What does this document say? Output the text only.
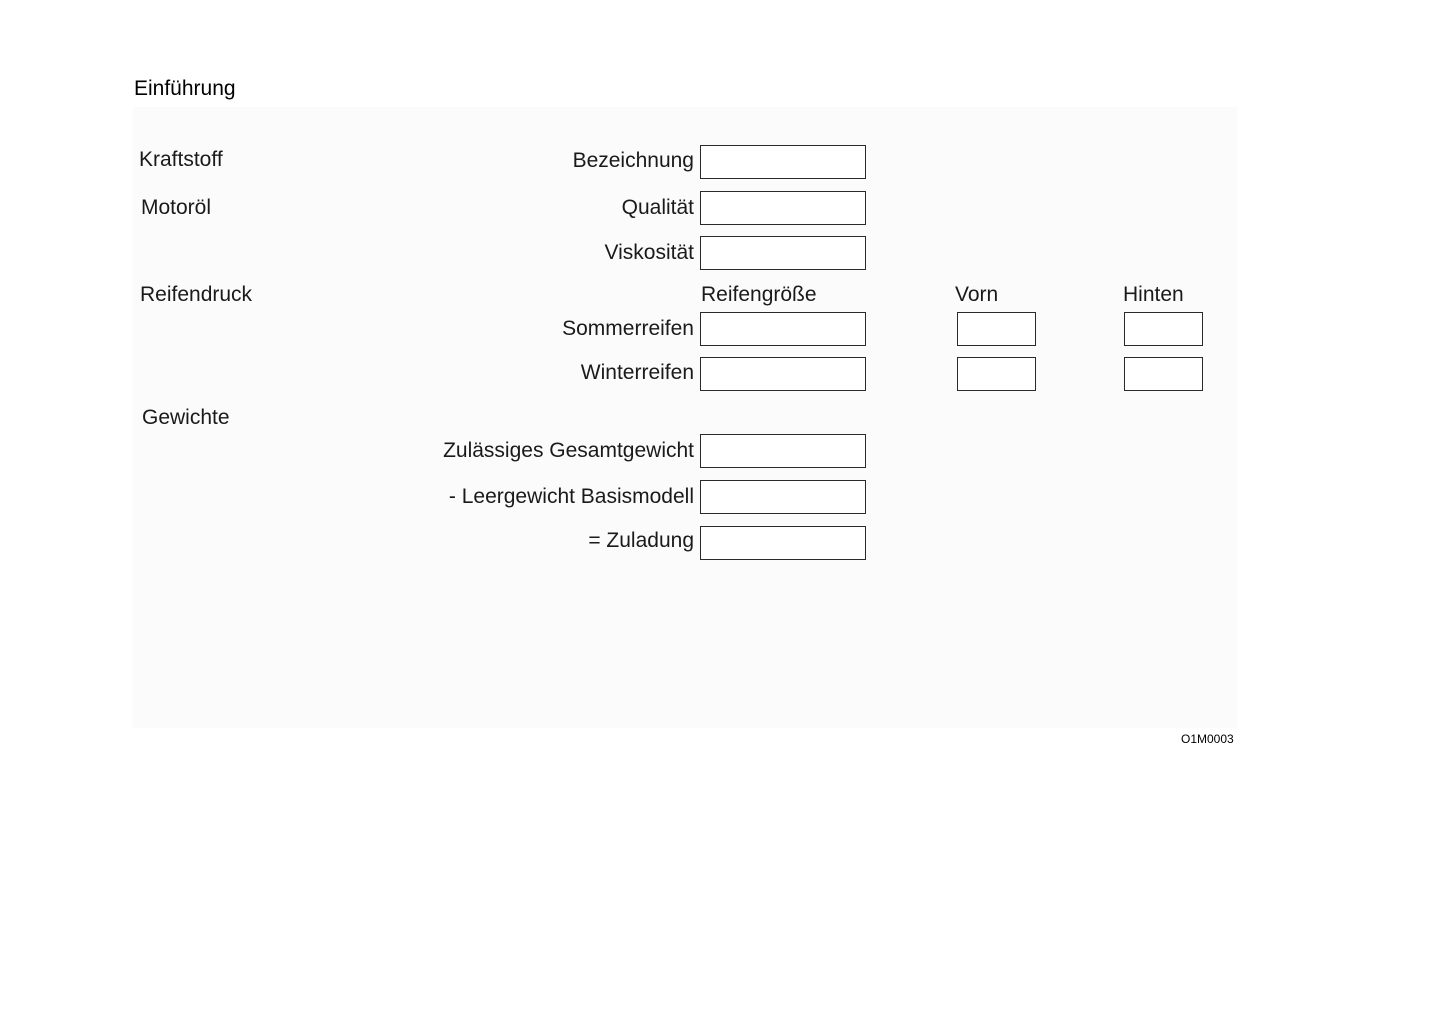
Einführung
Kraftstoff
Motoröl
Reifendruck
Gewichte
Bezeichnung
Qualität
Viskosität
Reifengröße	Vorn	Hinten
Sommerreifen
Winterreifen
Zulässiges Gesamtgewicht
- Leergewicht Basismodell
= Zuladung
O1M0003
